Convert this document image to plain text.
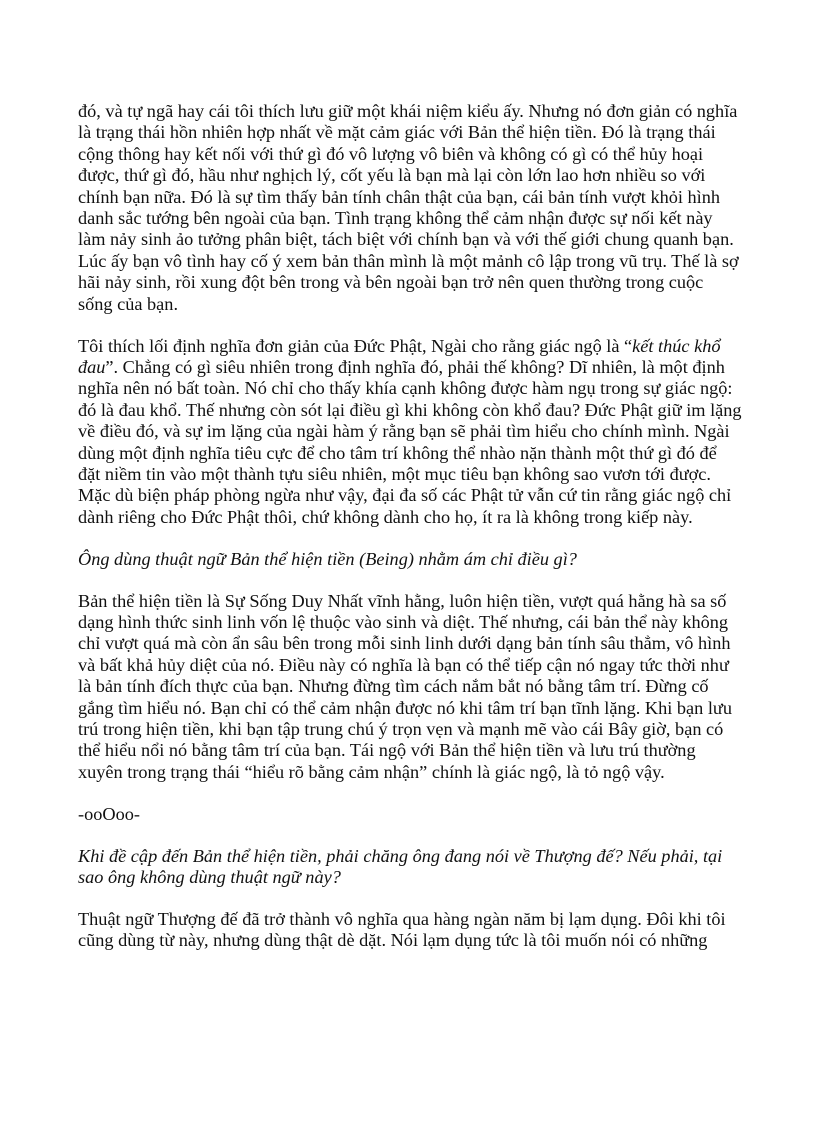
đó, và tự ngã hay cái tôi thích lưu giữ một khái niệm kiểu ấy. Nhưng nó đơn giản có nghĩa là trạng thái hồn nhiên hợp nhất về mặt cảm giác với Bản thể hiện tiền. Đó là trạng thái cộng thông hay kết nối với thứ gì đó vô lượng vô biên và không có gì có thể hủy hoại được, thứ gì đó, hầu như nghịch lý, cốt yếu là bạn mà lại còn lớn lao hơn nhiều so với chính bạn nữa. Đó là sự tìm thấy bản tính chân thật của bạn, cái bản tính vượt khỏi hình danh sắc tướng bên ngoài của bạn. Tình trạng không thể cảm nhận được sự nối kết này làm nảy sinh ảo tưởng phân biệt, tách biệt với chính bạn và với thế giới chung quanh bạn. Lúc ấy bạn vô tình hay cố ý xem bản thân mình là một mảnh cô lập trong vũ trụ. Thế là sợ hãi nảy sinh, rồi xung đột bên trong và bên ngoài bạn trở nên quen thường trong cuộc sống của bạn.

Tôi thích lối định nghĩa đơn giản của Đức Phật, Ngài cho rằng giác ngộ là “kết thúc khổ đau”. Chẳng có gì siêu nhiên trong định nghĩa đó, phải thế không? Dĩ nhiên, là một định nghĩa nên nó bất toàn. Nó chỉ cho thấy khía cạnh không được hàm ngụ trong sự giác ngộ: đó là đau khổ. Thế nhưng còn sót lại điều gì khi không còn khổ đau? Đức Phật giữ im lặng về điều đó, và sự im lặng của ngài hàm ý rằng bạn sẽ phải tìm hiểu cho chính mình. Ngài dùng một định nghĩa tiêu cực để cho tâm trí không thể nhào nặn thành một thứ gì đó để đặt niềm tin vào một thành tựu siêu nhiên, một mục tiêu bạn không sao vươn tới được. Mặc dù biện pháp phòng ngừa như vậy, đại đa số các Phật tử vẫn cứ tin rằng giác ngộ chỉ dành riêng cho Đức Phật thôi, chứ không dành cho họ, ít ra là không trong kiếp này.

Ông dùng thuật ngữ Bản thể hiện tiền (Being) nhằm ám chỉ điều gì?

Bản thể hiện tiền là Sự Sống Duy Nhất vĩnh hằng, luôn hiện tiền, vượt quá hằng hà sa số dạng hình thức sinh linh vốn lệ thuộc vào sinh và diệt. Thế nhưng, cái bản thể này không chỉ vượt quá mà còn ẩn sâu bên trong mỗi sinh linh dưới dạng bản tính sâu thẳm, vô hình và bất khả hủy diệt của nó. Điều này có nghĩa là bạn có thể tiếp cận nó ngay tức thời như là bản tính đích thực của bạn. Nhưng đừng tìm cách nắm bắt nó bằng tâm trí. Đừng cố gắng tìm hiểu nó. Bạn chỉ có thể cảm nhận được nó khi tâm trí bạn tĩnh lặng. Khi bạn lưu trú trong hiện tiền, khi bạn tập trung chú ý trọn vẹn và mạnh mẽ vào cái Bây giờ, bạn có thể hiểu nổi nó bằng tâm trí của bạn. Tái ngộ với Bản thể hiện tiền và lưu trú thường xuyên trong trạng thái “hiểu rõ bằng cảm nhận” chính là giác ngộ, là tỏ ngộ vậy.

-ooOoo-

Khi đề cập đến Bản thể hiện tiền, phải chăng ông đang nói về Thượng đế? Nếu phải, tại sao ông không dùng thuật ngữ này?

Thuật ngữ Thượng đế đã trở thành vô nghĩa qua hàng ngàn năm bị lạm dụng. Đôi khi tôi cũng dùng từ này, nhưng dùng thật dè dặt. Nói lạm dụng tức là tôi muốn nói có những
